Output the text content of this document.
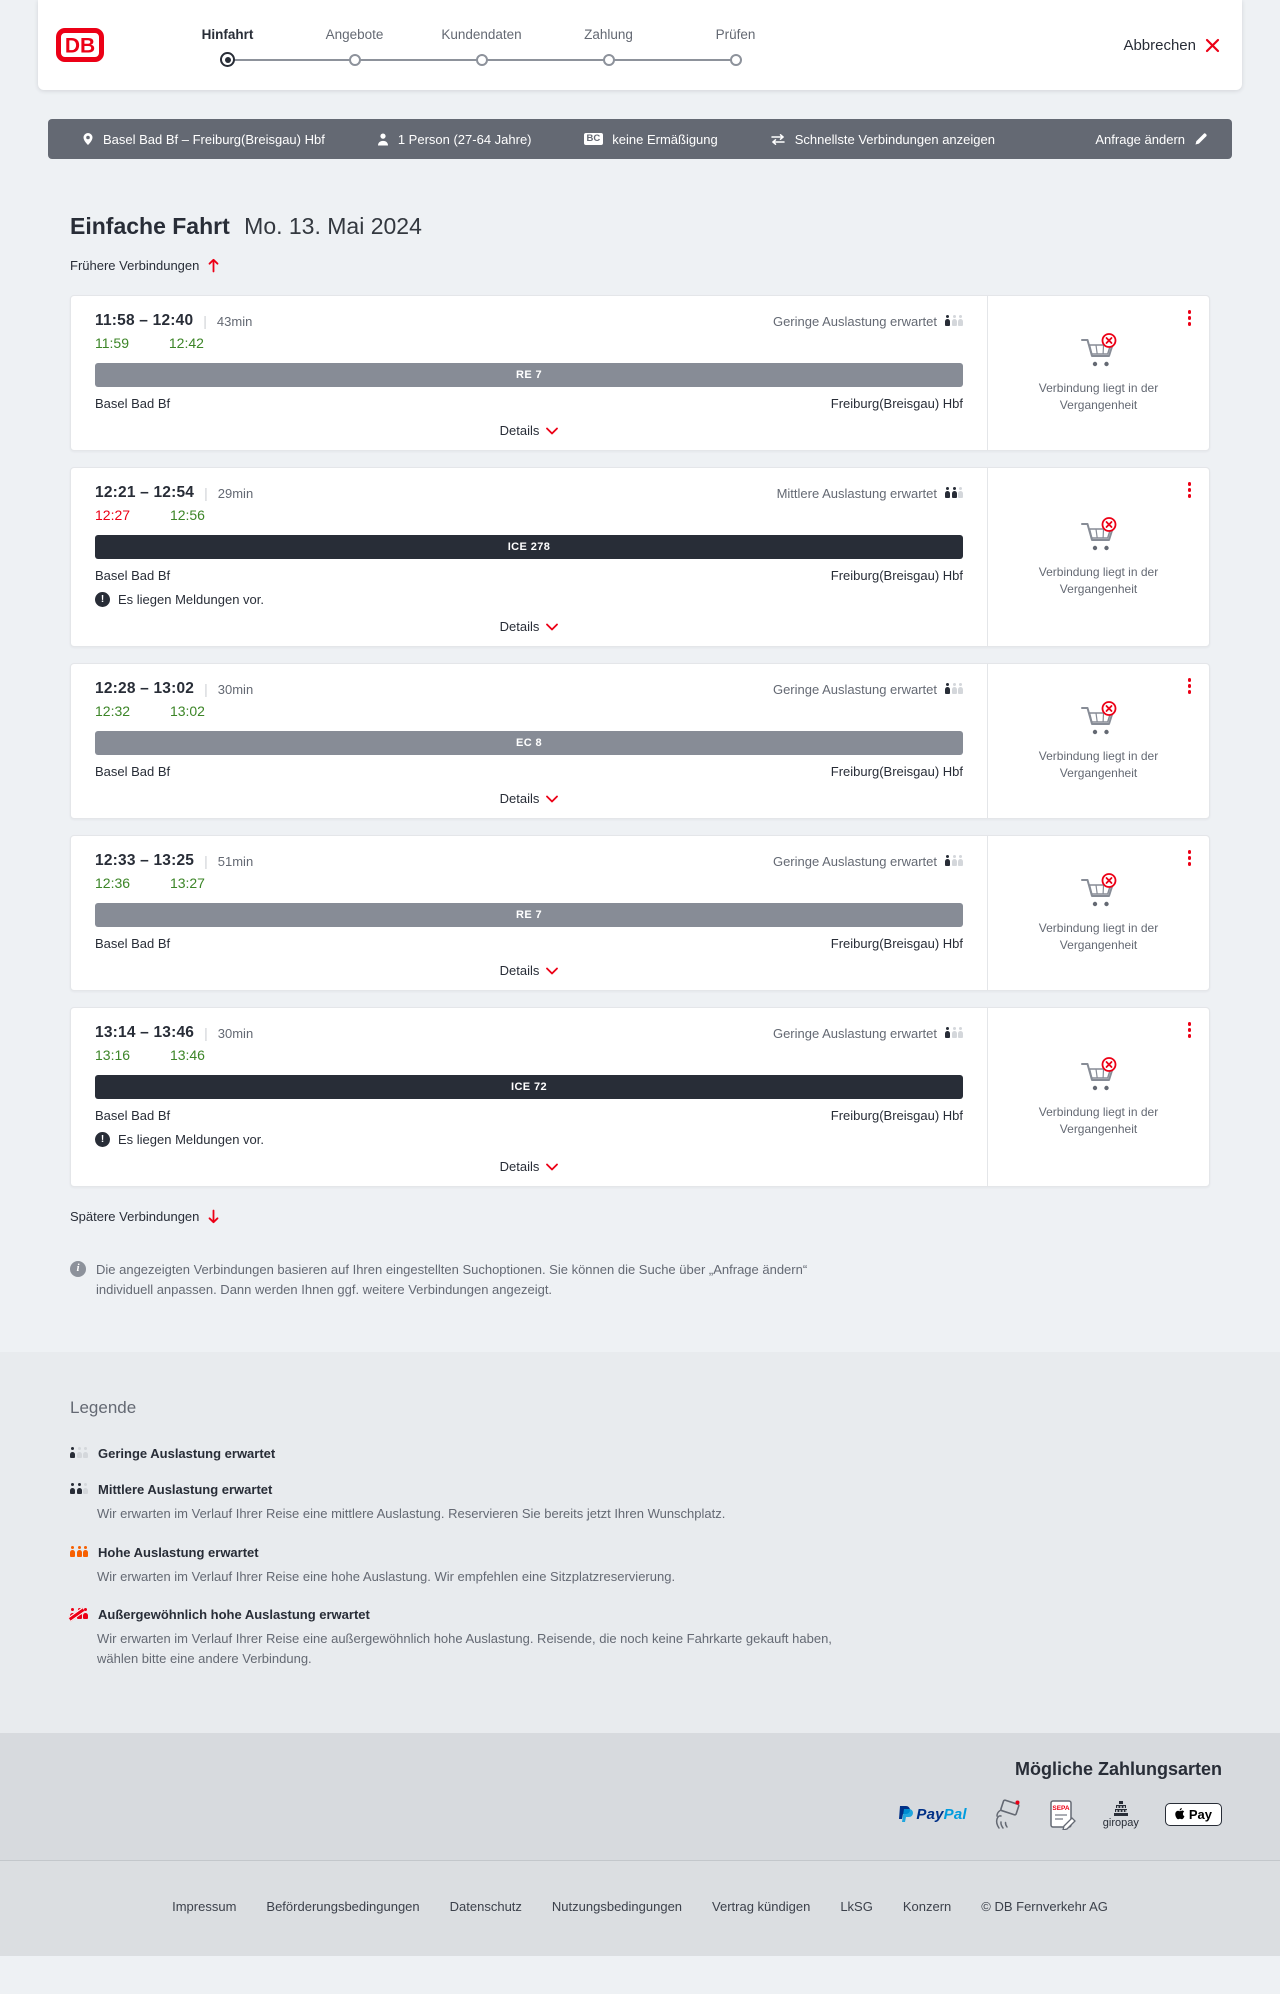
DB
Hinfahrt	Angebote	Kundendaten	Zahlung	Prüfen
Abbrechen
Basel Bad Bf – Freiburg(Breisgau) Hbf	1 Person (27-64 Jahre)	BC keine Ermäßigung	Schnellste Verbindungen anzeigen	Anfrage ändern
Einfache Fahrt Mo. 13. Mai 2024
Frühere Verbindungen
11:58 – 12:40 | 43min	Geringe Auslastung erwartet
11:59	12:42
RE 7
Basel Bad Bf	Freiburg(Breisgau) Hbf
Details
Verbindung liegt in der Vergangenheit
12:21 – 12:54 | 29min	Mittlere Auslastung erwartet
12:27	12:56
ICE 278
Basel Bad Bf	Freiburg(Breisgau) Hbf
!	Es liegen Meldungen vor.
Details
Verbindung liegt in der Vergangenheit
12:28 – 13:02 | 30min	Geringe Auslastung erwartet
12:32	13:02
EC 8
Basel Bad Bf	Freiburg(Breisgau) Hbf
Details
Verbindung liegt in der Vergangenheit
12:33 – 13:25 | 51min	Geringe Auslastung erwartet
12:36	13:27
RE 7
Basel Bad Bf	Freiburg(Breisgau) Hbf
Details
Verbindung liegt in der Vergangenheit
13:14 – 13:46 | 30min	Geringe Auslastung erwartet
13:16	13:46
ICE 72
Basel Bad Bf	Freiburg(Breisgau) Hbf
!	Es liegen Meldungen vor.
Details
Verbindung liegt in der Vergangenheit
Spätere Verbindungen
i	Die angezeigten Verbindungen basieren auf Ihren eingestellten Suchoptionen. Sie können die Suche über „Anfrage ändern“ individuell anpassen. Dann werden Ihnen ggf. weitere Verbindungen angezeigt.
Legende
Geringe Auslastung erwartet
Mittlere Auslastung erwartet

Wir erwarten im Verlauf Ihrer Reise eine mittlere Auslastung. Reservieren Sie bereits jetzt Ihren Wunschplatz.

Hohe Auslastung erwartet

Wir erwarten im Verlauf Ihrer Reise eine hohe Auslastung. Wir empfehlen eine Sitzplatzreservierung.

Außergewöhnlich hohe Auslastung erwartet

Wir erwarten im Verlauf Ihrer Reise eine außergewöhnlich hohe Auslastung. Reisende, die noch keine Fahrkarte gekauft haben, wählen bitte eine andere Verbindung.

Mögliche Zahlungsarten
PayPal	SEPA
giropay
Pay
Impressum Beförderungsbedingungen Datenschutz Nutzungsbedingungen Vertrag kündigen LkSG Konzern © DB Fernverkehr AG
